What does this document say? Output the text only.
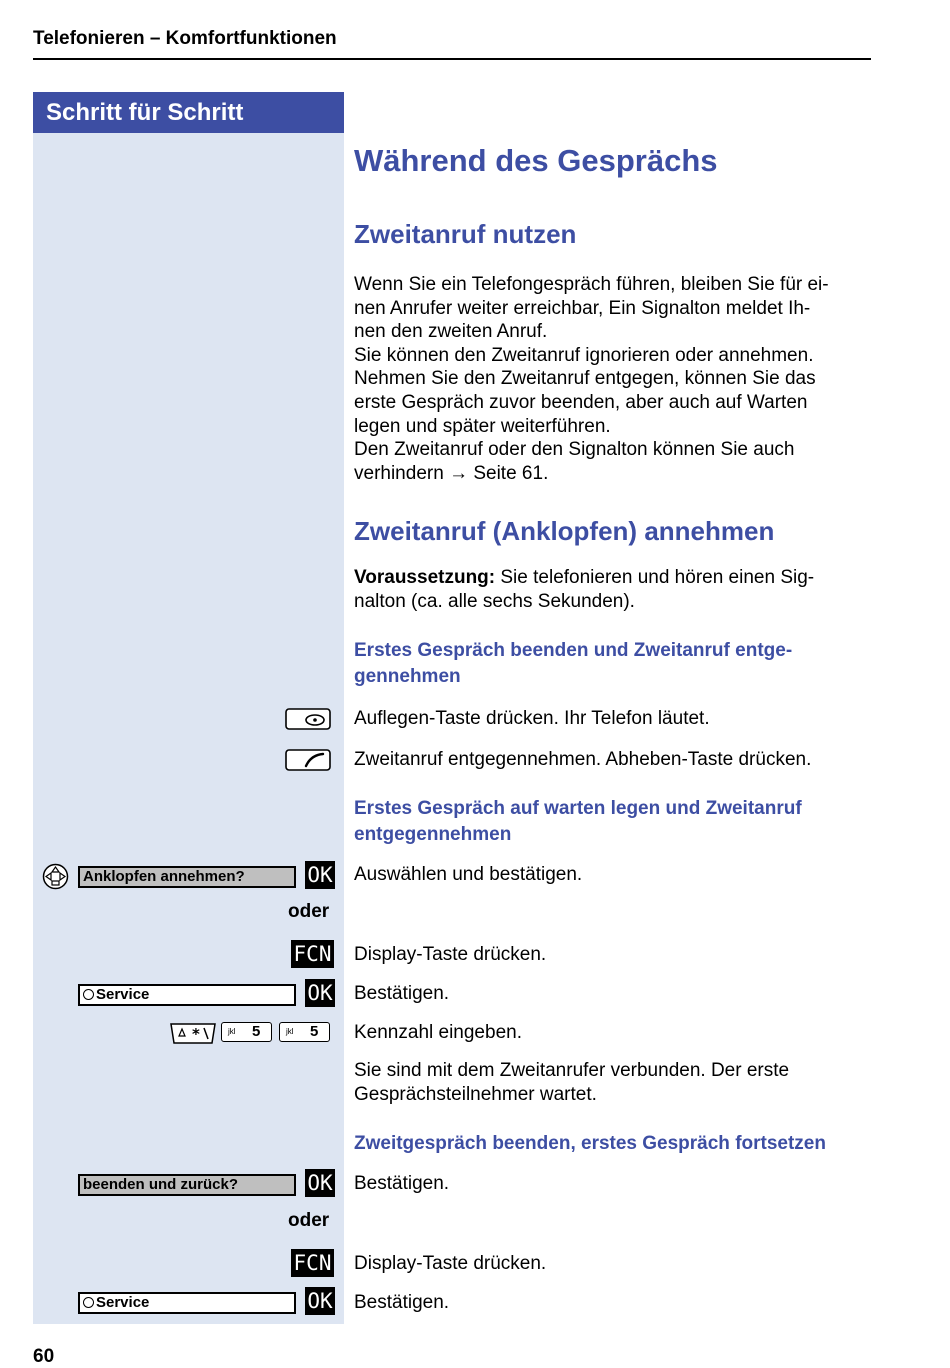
Telefonieren – Komfortfunktionen
Schritt für Schritt
Während des Gesprächs
Zweitanruf nutzen
Wenn Sie ein Telefongespräch führen, bleiben Sie für ei-
nen Anrufer weiter erreichbar, Ein Signalton meldet Ih-
nen den zweiten Anruf.
Sie können den Zweitanruf ignorieren oder annehmen.
Nehmen Sie den Zweitanruf entgegen, können Sie das
erste Gespräch zuvor beenden, aber auch auf Warten
legen und später weiterführen.
Den Zweitanruf oder den Signalton können Sie auch
verhindern → Seite 61.
Zweitanruf (Anklopfen) annehmen
Voraussetzung: Sie telefonieren und hören einen Sig-
nalton (ca. alle sechs Sekunden).
Erstes Gespräch beenden und Zweitanruf entge-
gennehmen
Auflegen-Taste drücken. Ihr Telefon läutet.
Zweitanruf entgegennehmen. Abheben-Taste drücken.
Erstes Gespräch auf warten legen und Zweitanruf
entgegennehmen
Anklopfen annehmen?	OK Auswählen und bestätigen.
oder
FCN Display-Taste drücken.
Service	OK Bestätigen.
*	jkl 5	jkl 5 Kennzahl eingeben.
Sie sind mit dem Zweitanrufer verbunden. Der erste
Gesprächsteilnehmer wartet.
Zweitgespräch beenden, erstes Gespräch fortsetzen
beenden und zurück?	OK Bestätigen.
oder
FCN Display-Taste drücken.
Service	OK Bestätigen.
60
